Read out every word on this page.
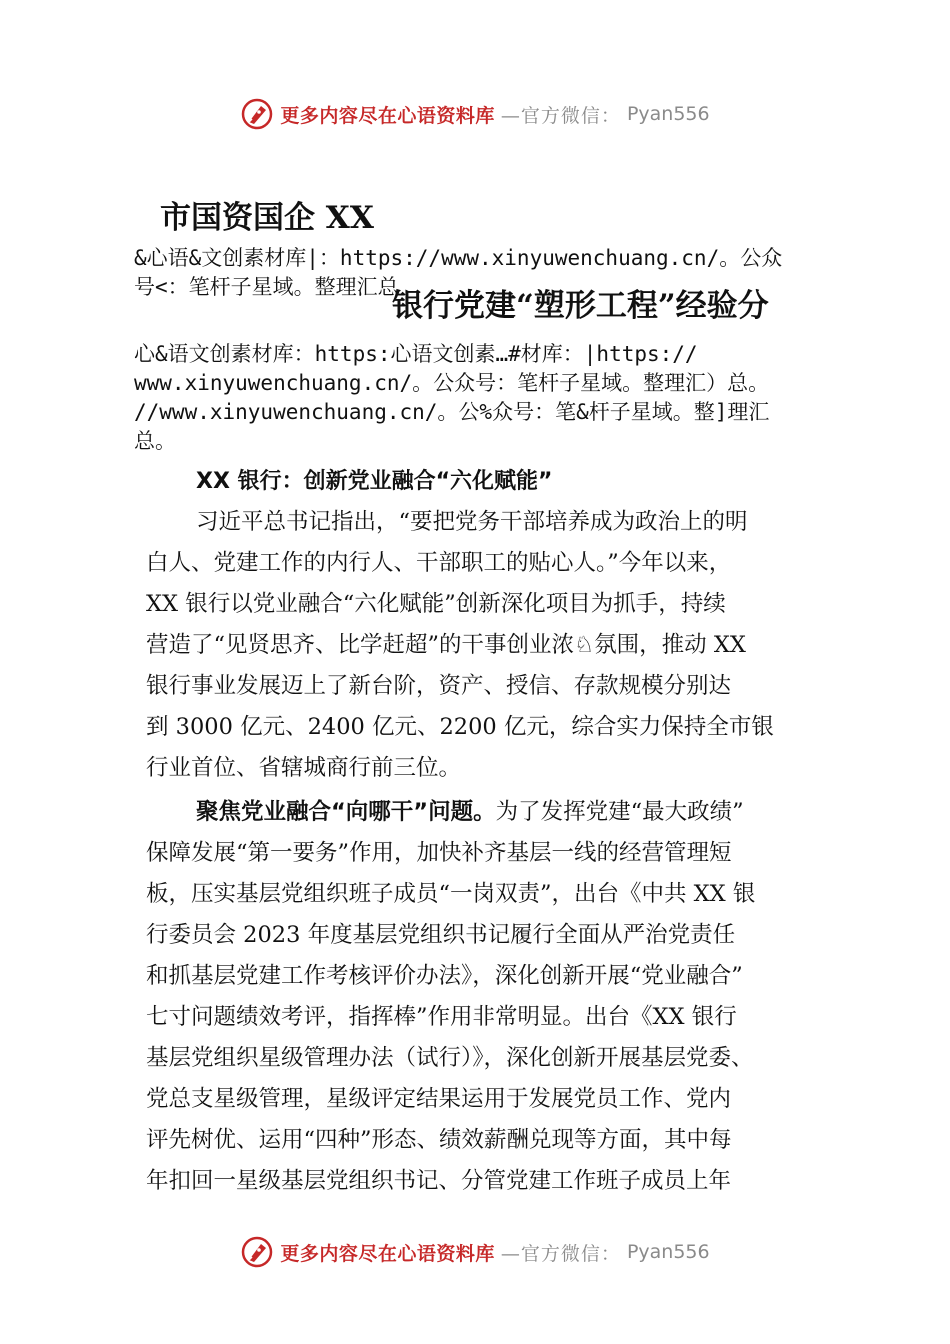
更多内容尽在心语资料库 —官方微信： Pyan556
市国资国企 XX
&心语&文创素材库|：https://www.xinyuwenchuang.cn/。公众
号<：笔杆子星域。整理汇总
银行党建“塑形工程”经验分
心&语文创素材库：https:心语文创素…#材库：|https://
www.xinyuwenchuang.cn/。公众号：笔杆子星域。整理汇）总。
//www.xinyuwenchuang.cn/。公%众号：笔&杆子星域。整]理汇
总。
XX 银行：创新党业融合“六化赋能”
习近平总书记指出，“要把党务干部培养成为政治上的明
白人、党建工作的内行人、干部职工的贴心人。”今年以来，
XX 银行以党业融合“六化赋能”创新深化项目为抓手，持续
营造了“见贤思齐、比学赶超”的干事创业浓♘氛围，推动 XX
银行事业发展迈上了新台阶，资产、授信、存款规模分别达
到 3000 亿元、2400 亿元、2200 亿元，综合实力保持全市银
行业首位、省辖城商行前三位。
聚焦党业融合“向哪干”问题。为了发挥党建“最大政绩”
保障发展“第一要务”作用，加快补齐基层一线的经营管理短
板，压实基层党组织班子成员“一岗双责”，出台《中共 XX 银
行委员会 2023 年度基层党组织书记履行全面从严治党责任
和抓基层党建工作考核评价办法》，深化创新开展“党业融合”
七寸问题绩效考评，指挥棒”作用非常明显。出台《XX 银行
基层党组织星级管理办法（试行）》，深化创新开展基层党委、
党总支星级管理，星级评定结果运用于发展党员工作、党内
评先树优、运用“四种”形态、绩效薪酬兑现等方面，其中每
年扣回一星级基层党组织书记、分管党建工作班子成员上年
更多内容尽在心语资料库 —官方微信： Pyan556
